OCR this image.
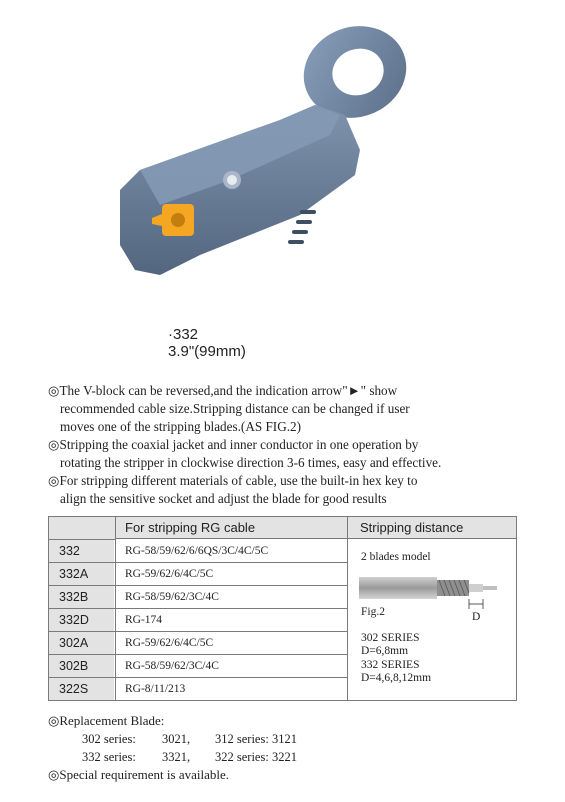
·332
3.9"(99mm)
◎The V-block can be reversed,and the indication arrow"►" show
recommended cable size.Stripping distance can be changed if user
moves one of the stripping blades.(AS FIG.2)
◎Stripping the coaxial jacket and inner conductor in one operation by
rotating the stripper in clockwise direction 3-6 times, easy and effective.
◎For stripping different materials of cable, use the built-in hex key to
align the sensitive socket and adjust the blade for good results
For stripping RG cable	Stripping distance
332	RG-58/59/62/6/6QS/3C/4C/5C
332A	RG-59/62/6/4C/5C
332B	RG-58/59/62/3C/4C
332D	RG-174
302A	RG-59/62/6/4C/5C
302B	RG-58/59/62/3C/4C
322S	RG-8/11/213
2 blades model
Fig.2	D
302 SERIES
D=6,8mm
332 SERIES
D=4,6,8,12mm
◎Replacement Blade:
302 series: 3021, 312 series: 3121
332 series: 3321, 322 series: 3221
◎Special requirement is available.
